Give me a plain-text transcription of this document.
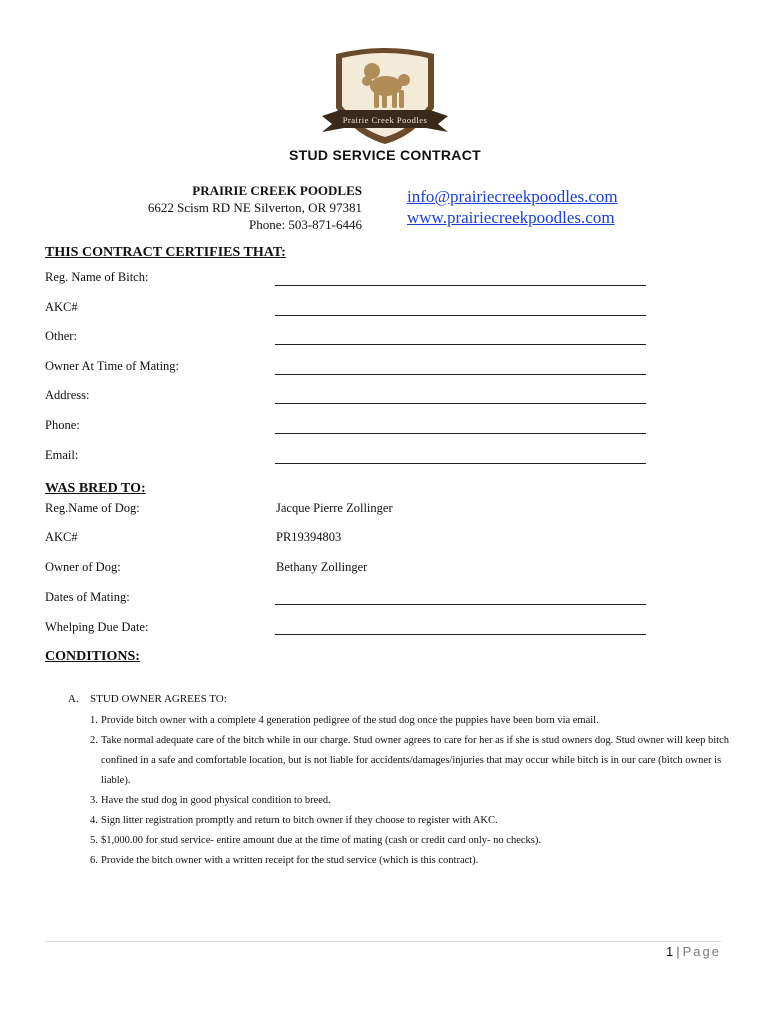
Prairie Creek Poodles
STUD SERVICE CONTRACT
PRAIRIE CREEK POODLES
6622 Scism RD NE Silverton, OR 97381
Phone: 503-871-6446
info@prairiecreekpoodles.com
www.prairiecreekpoodles.com
THIS CONTRACT CERTIFIES THAT:
Reg. Name of Bitch:
AKC#
Other:
Owner At Time of Mating:
Address:
Phone:
Email:
WAS BRED TO:
Reg.Name of Dog:	Jacque Pierre Zollinger
AKC#	PR19394803
Owner of Dog:	Bethany Zollinger
Dates of Mating:
Whelping Due Date:
CONDITIONS:
A. STUD OWNER AGREES TO:
1. Provide bitch owner with a complete 4 generation pedigree of the stud dog once the puppies have been born via email.
2. Take normal adequate care of the bitch while in our charge. Stud owner agrees to care for her as if she is stud owners dog. Stud owner will keep bitch confined in a safe and comfortable location, but is not liable for accidents/damages/injuries that may occur while bitch is in our care (bitch owner is liable).
3. Have the stud dog in good physical condition to breed.
4. Sign litter registration promptly and return to bitch owner if they choose to register with AKC.
5. $1,000.00 for stud service- entire amount due at the time of mating (cash or credit card only- no checks).
6. Provide the bitch owner with a written receipt for the stud service (which is this contract).
1 | Page
